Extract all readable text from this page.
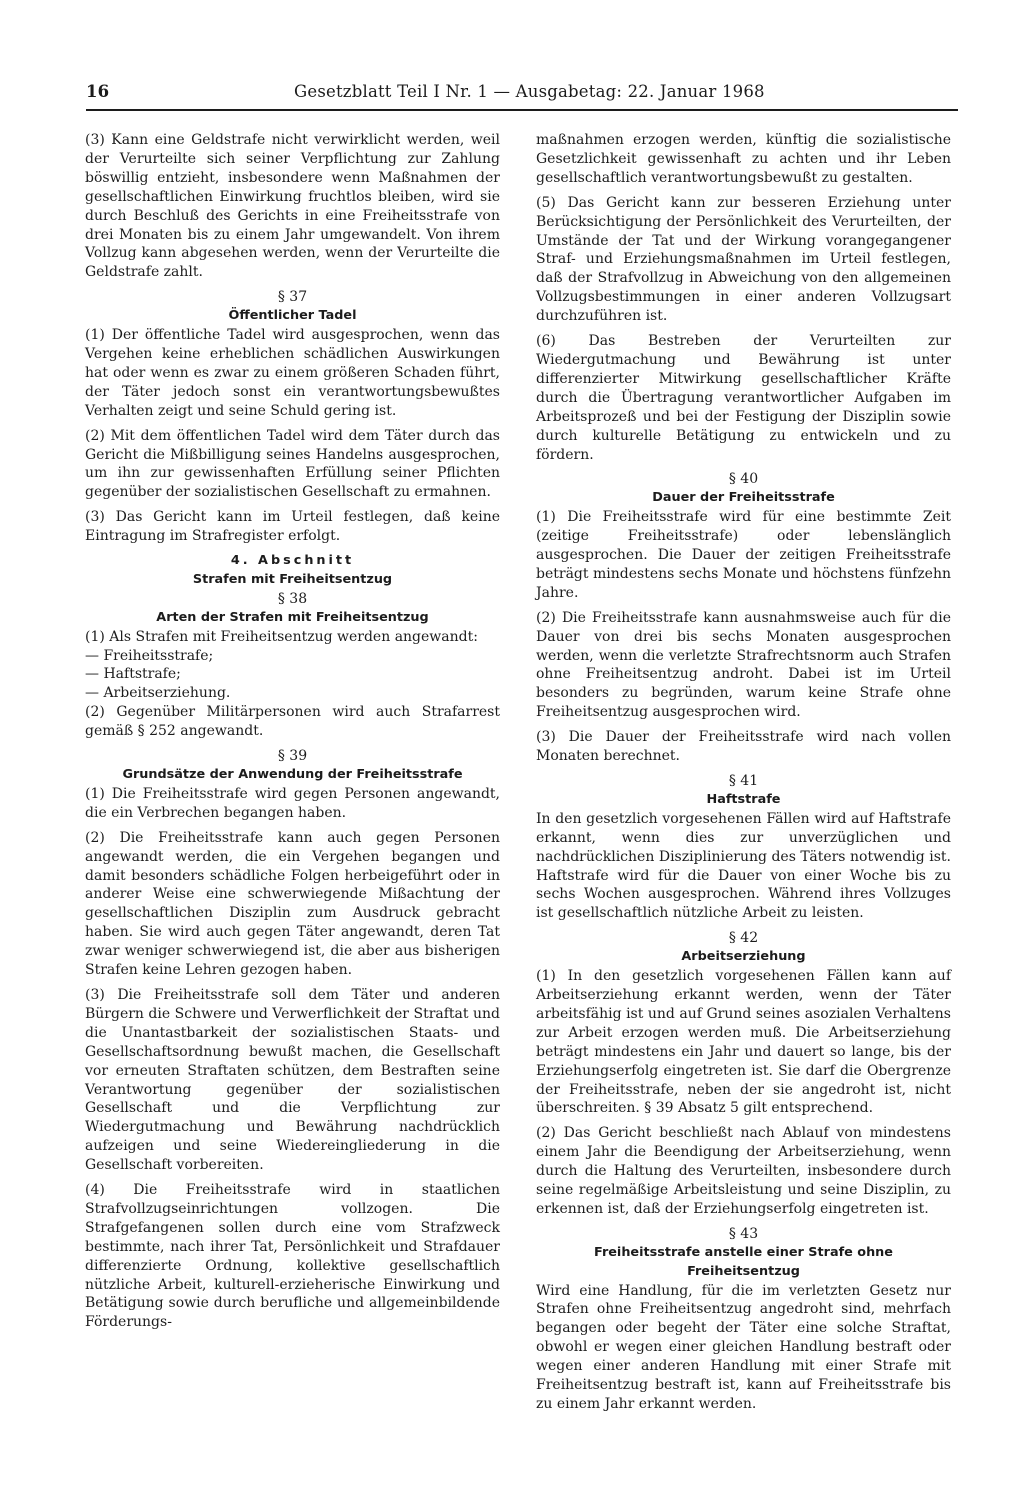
16	Gesetzblatt Teil I Nr. 1 — Ausgabetag: 22. Januar 1968

(3) Kann eine Geldstrafe nicht verwirklicht werden, weil der Verurteilte sich seiner Verpflichtung zur Zahlung böswillig entzieht, insbesondere wenn Maßnahmen der gesellschaftlichen Einwirkung fruchtlos bleiben, wird sie durch Beschluß des Gerichts in eine Freiheitsstrafe von drei Monaten bis zu einem Jahr umgewandelt. Von ihrem Vollzug kann abgesehen werden, wenn der Verurteilte die Geldstrafe zahlt.

§ 37

Öffentlicher Tadel

(1) Der öffentliche Tadel wird ausgesprochen, wenn das Vergehen keine erheblichen schädlichen Auswirkungen hat oder wenn es zwar zu einem größeren Schaden führt, der Täter jedoch sonst ein verantwortungsbewußtes Verhalten zeigt und seine Schuld gering ist.

(2) Mit dem öffentlichen Tadel wird dem Täter durch das Gericht die Mißbilligung seines Handelns ausgesprochen, um ihn zur gewissenhaften Erfüllung seiner Pflichten gegenüber der sozialistischen Gesellschaft zu ermahnen.

(3) Das Gericht kann im Urteil festlegen, daß keine Eintragung im Strafregister erfolgt.

4. Abschnitt

Strafen mit Freiheitsentzug

§ 38

Arten der Strafen mit Freiheitsentzug

(1) Als Strafen mit Freiheitsentzug werden angewandt:

— Freiheitsstrafe;
— Haftstrafe;
— Arbeitserziehung.

(2) Gegenüber Militärpersonen wird auch Strafarrest gemäß § 252 angewandt.

§ 39

Grundsätze der Anwendung der Freiheitsstrafe

(1) Die Freiheitsstrafe wird gegen Personen angewandt, die ein Verbrechen begangen haben.

(2) Die Freiheitsstrafe kann auch gegen Personen angewandt werden, die ein Vergehen begangen und damit besonders schädliche Folgen herbeigeführt oder in anderer Weise eine schwerwiegende Mißachtung der gesellschaftlichen Disziplin zum Ausdruck gebracht haben. Sie wird auch gegen Täter angewandt, deren Tat zwar weniger schwerwiegend ist, die aber aus bisherigen Strafen keine Lehren gezogen haben.

(3) Die Freiheitsstrafe soll dem Täter und anderen Bürgern die Schwere und Verwerflichkeit der Straftat und die Unantastbarkeit der sozialistischen Staats- und Gesellschaftsordnung bewußt machen, die Gesellschaft vor erneuten Straftaten schützen, dem Bestraften seine Verantwortung gegenüber der sozialistischen Gesellschaft und die Verpflichtung zur Wiedergutmachung und Bewährung nachdrücklich aufzeigen und seine Wiedereingliederung in die Gesellschaft vorbereiten.

(4) Die Freiheitsstrafe wird in staatlichen Strafvollzugseinrichtungen vollzogen. Die Strafgefangenen sollen durch eine vom Strafzweck bestimmte, nach ihrer Tat, Persönlichkeit und Strafdauer differenzierte Ordnung, kollektive gesellschaftlich nützliche Arbeit, kulturell-erzieherische Einwirkung und Betätigung sowie durch berufliche und allgemeinbildende Förderungs-

maßnahmen erzogen werden, künftig die sozialistische Gesetzlichkeit gewissenhaft zu achten und ihr Leben gesellschaftlich verantwortungsbewußt zu gestalten.

(5) Das Gericht kann zur besseren Erziehung unter Berücksichtigung der Persönlichkeit des Verurteilten, der Umstände der Tat und der Wirkung vorangegangener Straf- und Erziehungsmaßnahmen im Urteil festlegen, daß der Strafvollzug in Abweichung von den allgemeinen Vollzugsbestimmungen in einer anderen Vollzugsart durchzuführen ist.

(6) Das Bestreben der Verurteilten zur Wiedergutmachung und Bewährung ist unter differenzierter Mitwirkung gesellschaftlicher Kräfte durch die Übertragung verantwortlicher Aufgaben im Arbeitsprozeß und bei der Festigung der Disziplin sowie durch kulturelle Betätigung zu entwickeln und zu fördern.

§ 40

Dauer der Freiheitsstrafe

(1) Die Freiheitsstrafe wird für eine bestimmte Zeit (zeitige Freiheitsstrafe) oder lebenslänglich ausgesprochen. Die Dauer der zeitigen Freiheitsstrafe beträgt mindestens sechs Monate und höchstens fünfzehn Jahre.

(2) Die Freiheitsstrafe kann ausnahmsweise auch für die Dauer von drei bis sechs Monaten ausgesprochen werden, wenn die verletzte Strafrechtsnorm auch Strafen ohne Freiheitsentzug androht. Dabei ist im Urteil besonders zu begründen, warum keine Strafe ohne Freiheitsentzug ausgesprochen wird.

(3) Die Dauer der Freiheitsstrafe wird nach vollen Monaten berechnet.

§ 41

Haftstrafe

In den gesetzlich vorgesehenen Fällen wird auf Haftstrafe erkannt, wenn dies zur unverzüglichen und nachdrücklichen Disziplinierung des Täters notwendig ist. Haftstrafe wird für die Dauer von einer Woche bis zu sechs Wochen ausgesprochen. Während ihres Vollzuges ist gesellschaftlich nützliche Arbeit zu leisten.

§ 42

Arbeitserziehung

(1) In den gesetzlich vorgesehenen Fällen kann auf Arbeitserziehung erkannt werden, wenn der Täter arbeitsfähig ist und auf Grund seines asozialen Verhaltens zur Arbeit erzogen werden muß. Die Arbeitserziehung beträgt mindestens ein Jahr und dauert so lange, bis der Erziehungserfolg eingetreten ist. Sie darf die Obergrenze der Freiheitsstrafe, neben der sie angedroht ist, nicht überschreiten. § 39 Absatz 5 gilt entsprechend.

(2) Das Gericht beschließt nach Ablauf von mindestens einem Jahr die Beendigung der Arbeitserziehung, wenn durch die Haltung des Verurteilten, insbesondere durch seine regelmäßige Arbeitsleistung und seine Disziplin, zu erkennen ist, daß der Erziehungserfolg eingetreten ist.

§ 43

Freiheitsstrafe anstelle einer Strafe ohne Freiheitsentzug

Wird eine Handlung, für die im verletzten Gesetz nur Strafen ohne Freiheitsentzug angedroht sind, mehrfach begangen oder begeht der Täter eine solche Straftat, obwohl er wegen einer gleichen Handlung bestraft oder wegen einer anderen Handlung mit einer Strafe mit Freiheitsentzug bestraft ist, kann auf Freiheitsstrafe bis zu einem Jahr erkannt werden.
